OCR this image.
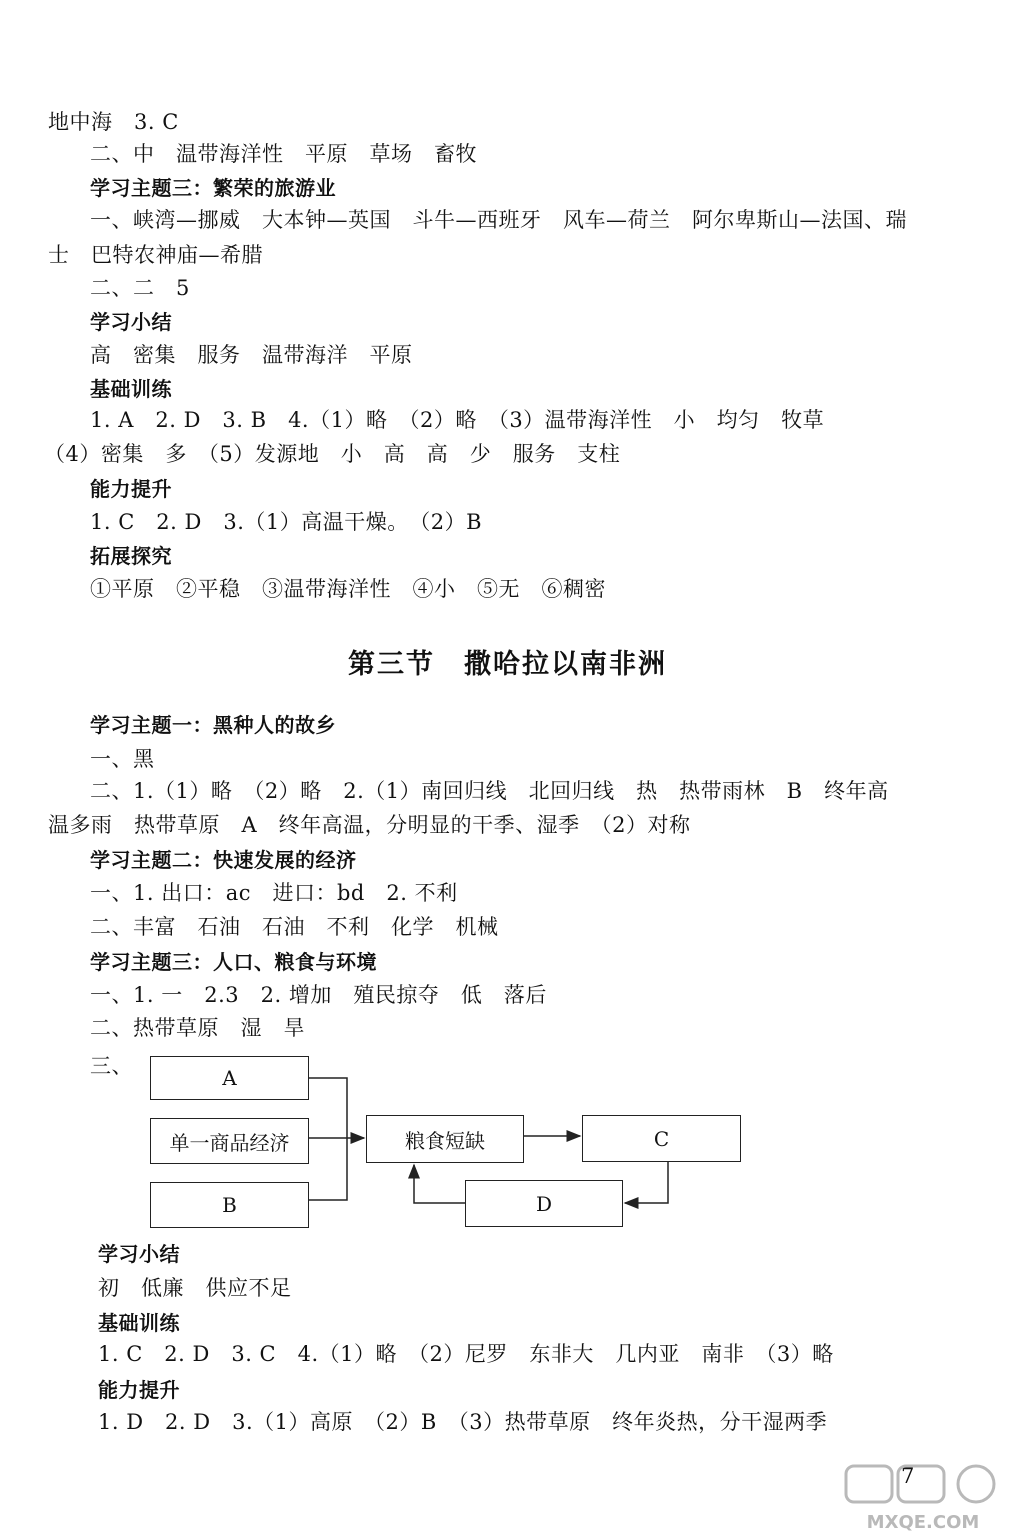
地中海　3. C
二、中　温带海洋性　平原　草场　畜牧
学习主题三：繁荣的旅游业
一、峡湾—挪威　大本钟—英国　斗牛—西班牙　风车—荷兰　阿尔卑斯山—法国、瑞
士　巴特农神庙—希腊
二、二　5
学习小结
高　密集　服务　温带海洋　平原
基础训练
1. A　2. D　3. B　4.（1）略　（2）略　（3）温带海洋性　小　均匀　牧草
（4）密集　多　（5）发源地　小　高　高　少　服务　支柱
能力提升
1. C　2. D　3.（1）高温干燥。　（2）B
拓展探究
①平原　②平稳　③温带海洋性　④小　⑤无　⑥稠密
第三节　撒哈拉以南非洲
学习主题一：黑种人的故乡
一、黑
二、1.（1）略　（2）略　2.（1）南回归线　北回归线　热　热带雨林　B　终年高
温多雨　热带草原　A　终年高温，分明显的干季、湿季　（2）对称
学习主题二：快速发展的经济
一、1. 出口：ac　进口：bd　2. 不利
二、丰富　石油　石油　不利　化学　机械
学习主题三：人口、粮食与环境
一、1. 一　2.3　2. 增加　殖民掠夺　低　落后
二、热带草原　湿　旱
三、	A
单一商品经济
B
粮食短缺	C
D
学习小结
初　低廉　供应不足
基础训练
1. C　2. D　3. C　4.（1）略　（2）尼罗　东非大　几内亚　南非　（3）略
能力提升
1. D　2. D　3.（1）高原　（2）B　（3）热带草原　终年炎热，分干湿两季
7
MXQE.COM
